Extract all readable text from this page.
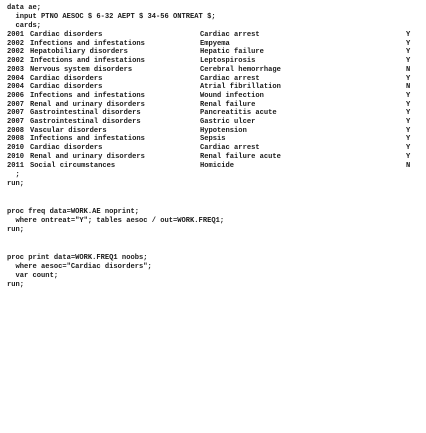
data ae;
input PTNO AESOC $ 6-32 AEPT $ 34-56 ONTREAT $;
cards;
2001 Cardiac disorders	Cardiac arrest	Y
2002 Infections and infestations	Empyema	Y
2002 Hepatobiliary disorders	Hepatic failure	Y
2002 Infections and infestations	Leptospirosis	Y
2003 Nervous system disorders	Cerebral hemorrhage	N
2004 Cardiac disorders	Cardiac arrest	Y
2004 Cardiac disorders	Atrial fibrillation	N
2006 Infections and infestations	Wound infection	Y
2007 Renal and urinary disorders	Renal failure	Y
2007 Gastrointestinal disorders	Pancreatitis acute	Y
2007 Gastrointestinal disorders	Gastric ulcer	Y
2008 Vascular disorders	Hypotension	Y
2008 Infections and infestations	Sepsis	Y
2010 Cardiac disorders	Cardiac arrest	Y
2010 Renal and urinary disorders	Renal failure acute	Y
2011 Social circumstances	Homicide	N
;
run;
proc freq data=WORK.AE noprint;
where ontreat="Y"; tables aesoc / out=WORK.FREQ1;
run;
proc print data=WORK.FREQ1 noobs;
where aesoc="Cardiac disorders";
var count;
run;
